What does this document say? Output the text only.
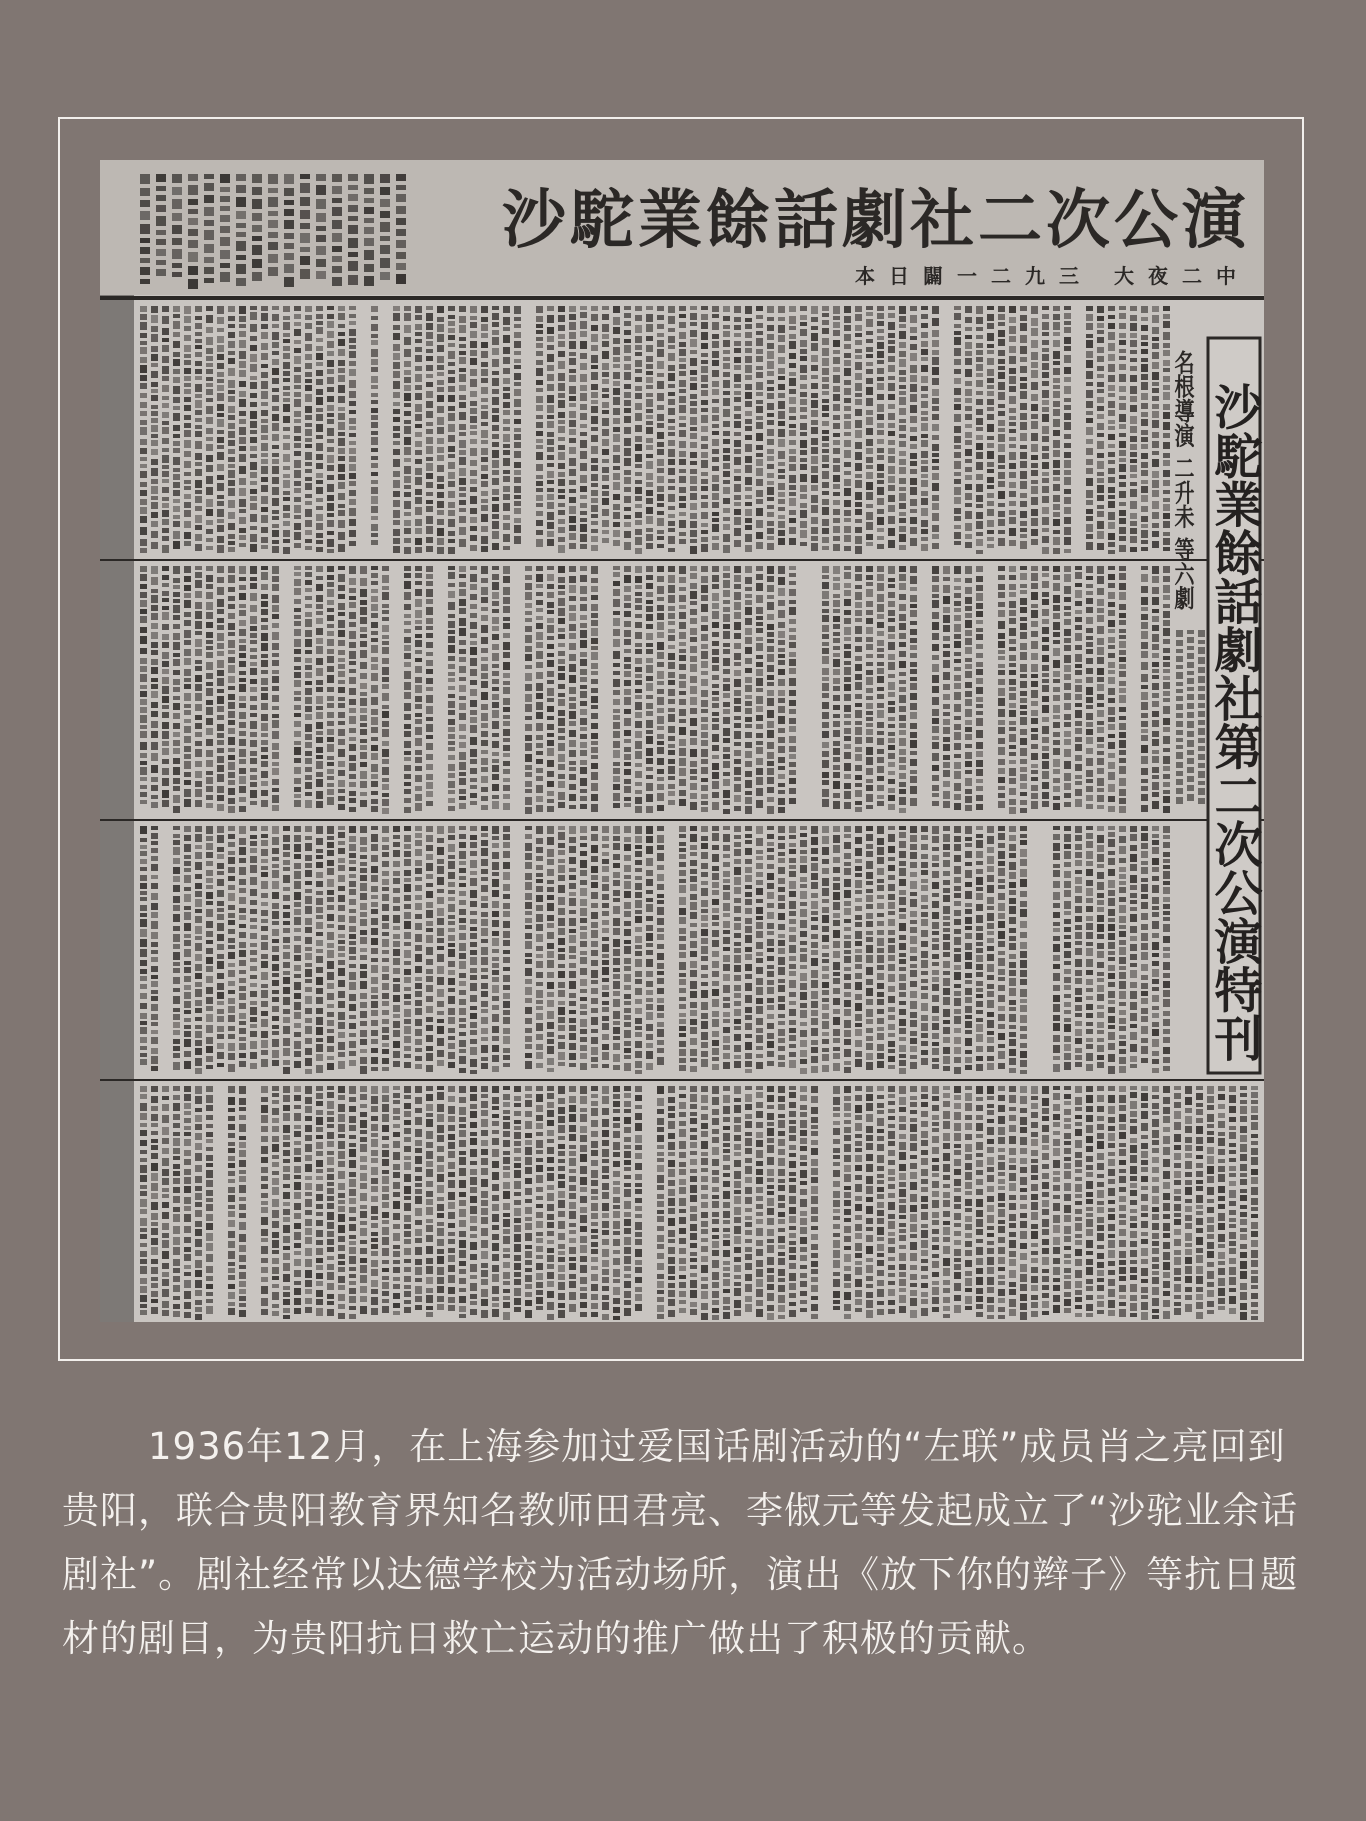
沙駝業餘話劇社二次公演
本日闢一二九三 大夜二中
沙駝業餘話劇社第二次公演特刊
名根導演 二升未 等六劇

1936年12月，在上海参加过爱国话剧活动的“左联”成员肖之亮回到贵阳，联合贵阳教育界知名教师田君亮、李俶元等发起成立了“沙驼业余话剧社”。剧社经常以达德学校为活动场所，演出《放下你的辫子》等抗日题材的剧目，为贵阳抗日救亡运动的推广做出了积极的贡献。
